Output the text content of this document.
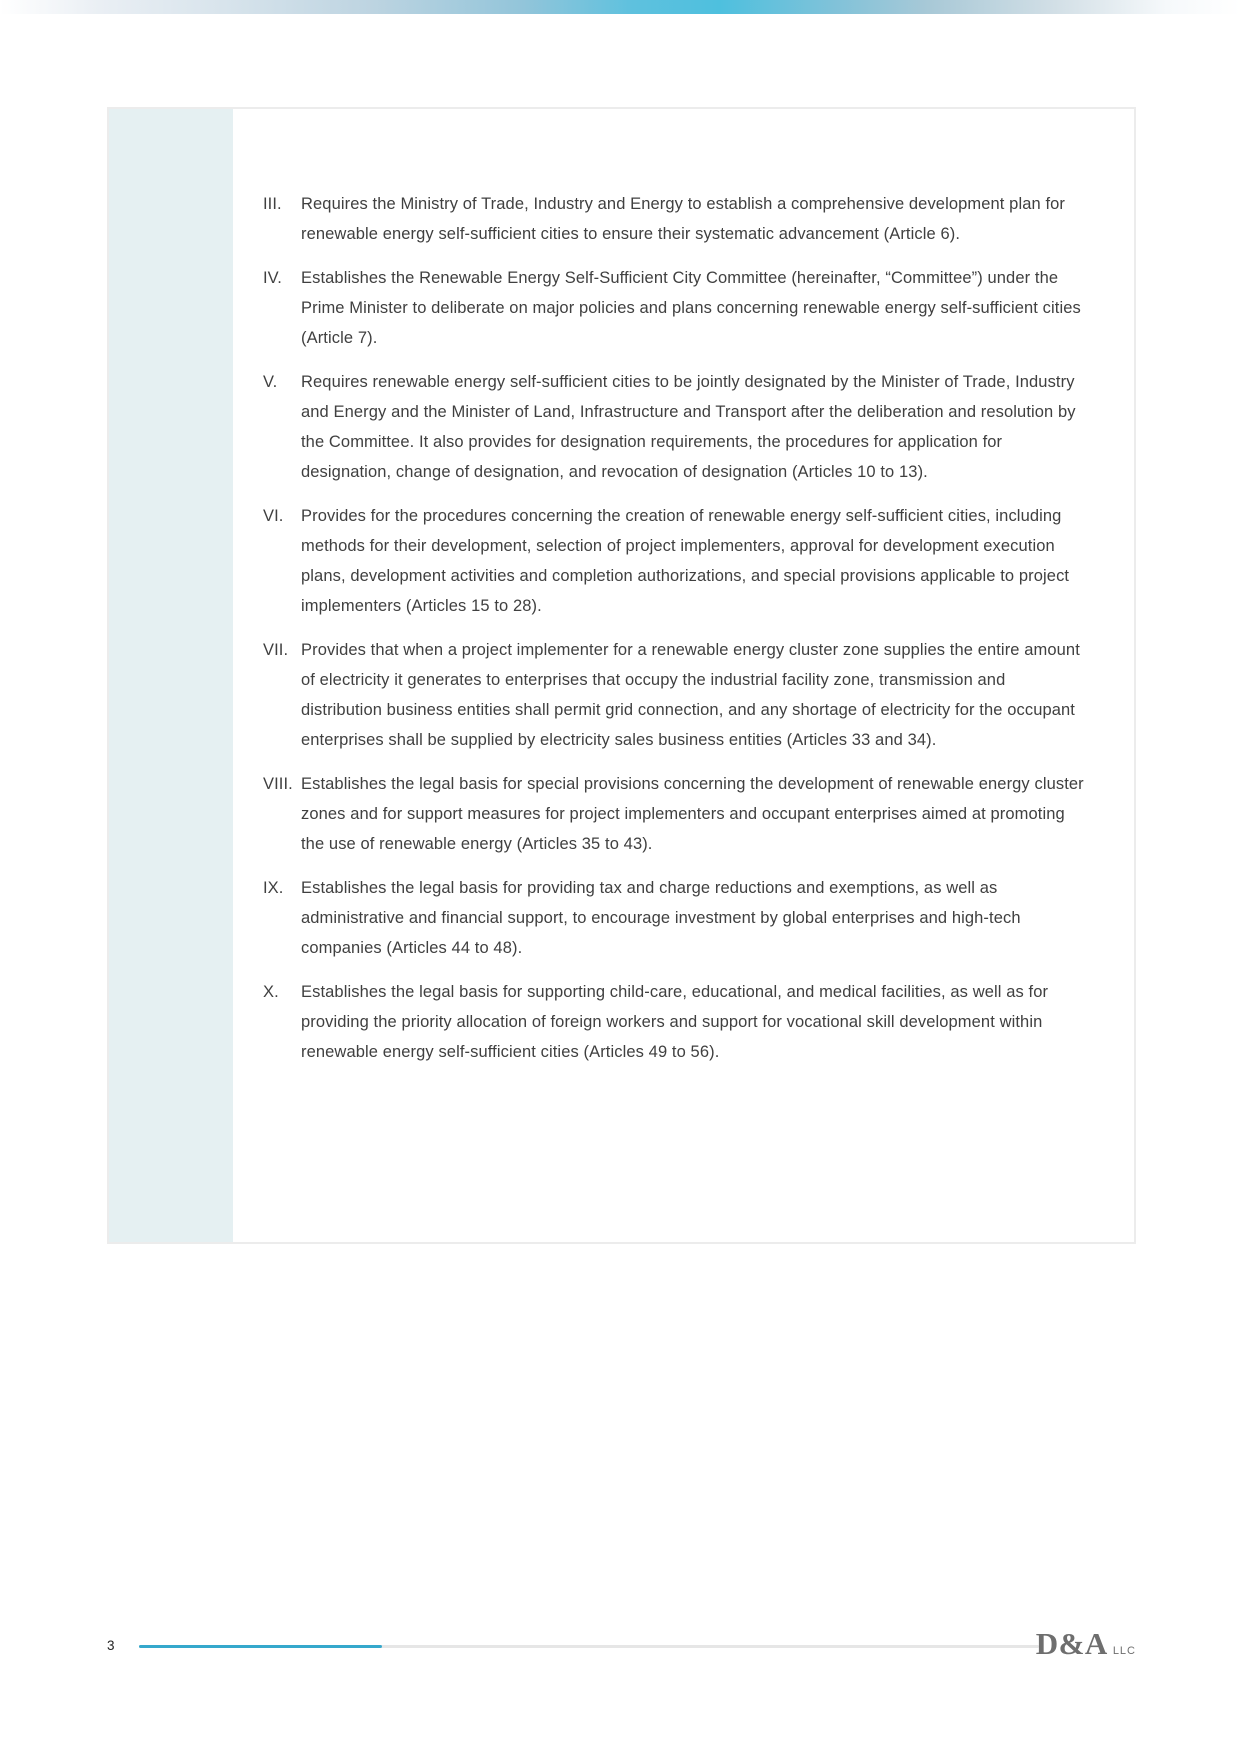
III.	Requires the Ministry of Trade, Industry and Energy to establish a comprehensive development plan for renewable energy self-sufficient cities to ensure their systematic advancement (Article 6).
IV.	Establishes the Renewable Energy Self-Sufficient City Committee (hereinafter, “Committee”) under the Prime Minister to deliberate on major policies and plans concerning renewable energy self-sufficient cities (Article 7).
V.	Requires renewable energy self-sufficient cities to be jointly designated by the Minister of Trade, Industry and Energy and the Minister of Land, Infrastructure and Transport after the deliberation and resolution by the Committee. It also provides for designation requirements, the procedures for application for designation, change of designation, and revocation of designation (Articles 10 to 13).
VI.	Provides for the procedures concerning the creation of renewable energy self-sufficient cities, including methods for their development, selection of project implementers, approval for development execution plans, development activities and completion authorizations, and special provisions applicable to project implementers (Articles 15 to 28).
VII. Provides that when a project implementer for a renewable energy cluster zone supplies the entire amount of electricity it generates to enterprises that occupy the industrial facility zone, transmission and distribution business entities shall permit grid connection, and any shortage of electricity for the occupant enterprises shall be supplied by electricity sales business entities (Articles 33 and 34).
VIII. Establishes the legal basis for special provisions concerning the development of renewable energy cluster zones and for support measures for project implementers and occupant enterprises aimed at promoting the use of renewable energy (Articles 35 to 43).
IX.	Establishes the legal basis for providing tax and charge reductions and exemptions, as well as administrative and financial support, to encourage investment by global enterprises and high-tech companies (Articles 44 to 48).
X.	Establishes the legal basis for supporting child-care, educational, and medical facilities, as well as for providing the priority allocation of foreign workers and support for vocational skill development within renewable energy self-sufficient cities (Articles 49 to 56).
3	D&A LLC
